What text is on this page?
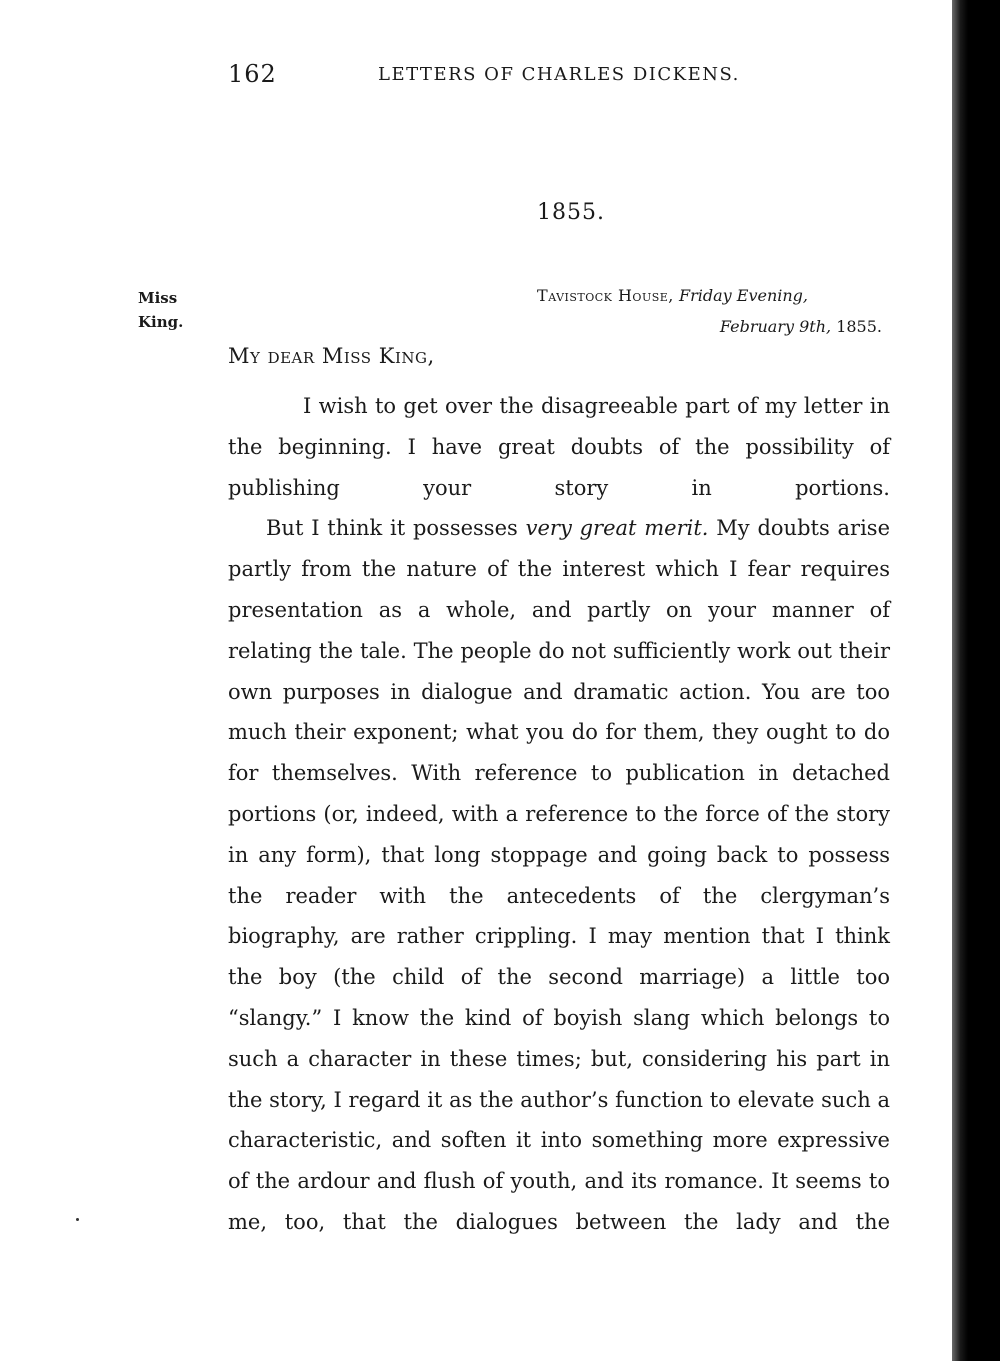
162	LETTERS OF CHARLES DICKENS.
1855.
Miss
King.
Tavistock House, Friday Evening,
February 9th, 1855.
My dear Miss King,

I wish to get over the disagreeable part of my letter in the beginning. I have great doubts of the possibility of publishing your story in portions.

But I think it possesses very great merit. My doubts arise partly from the nature of the interest which I fear requires presentation as a whole, and partly on your manner of relating the tale. The people do not sufficiently work out their own purposes in dialogue and dramatic action. You are too much their exponent; what you do for them, they ought to do for themselves. With reference to publication in detached portions (or, indeed, with a reference to the force of the story in any form), that long stoppage and going back to possess the reader with the antecedents of the clergyman’s biography, are rather crippling. I may mention that I think the boy (the child of the second marriage) a little too “slangy.” I know the kind of boyish slang which belongs to such a character in these times; but, considering his part in the story, I regard it as the author’s function to elevate such a characteristic, and soften it into something more expressive of the ardour and flush of youth, and its romance. It seems to me, too, that the dialogues between the lady and the
